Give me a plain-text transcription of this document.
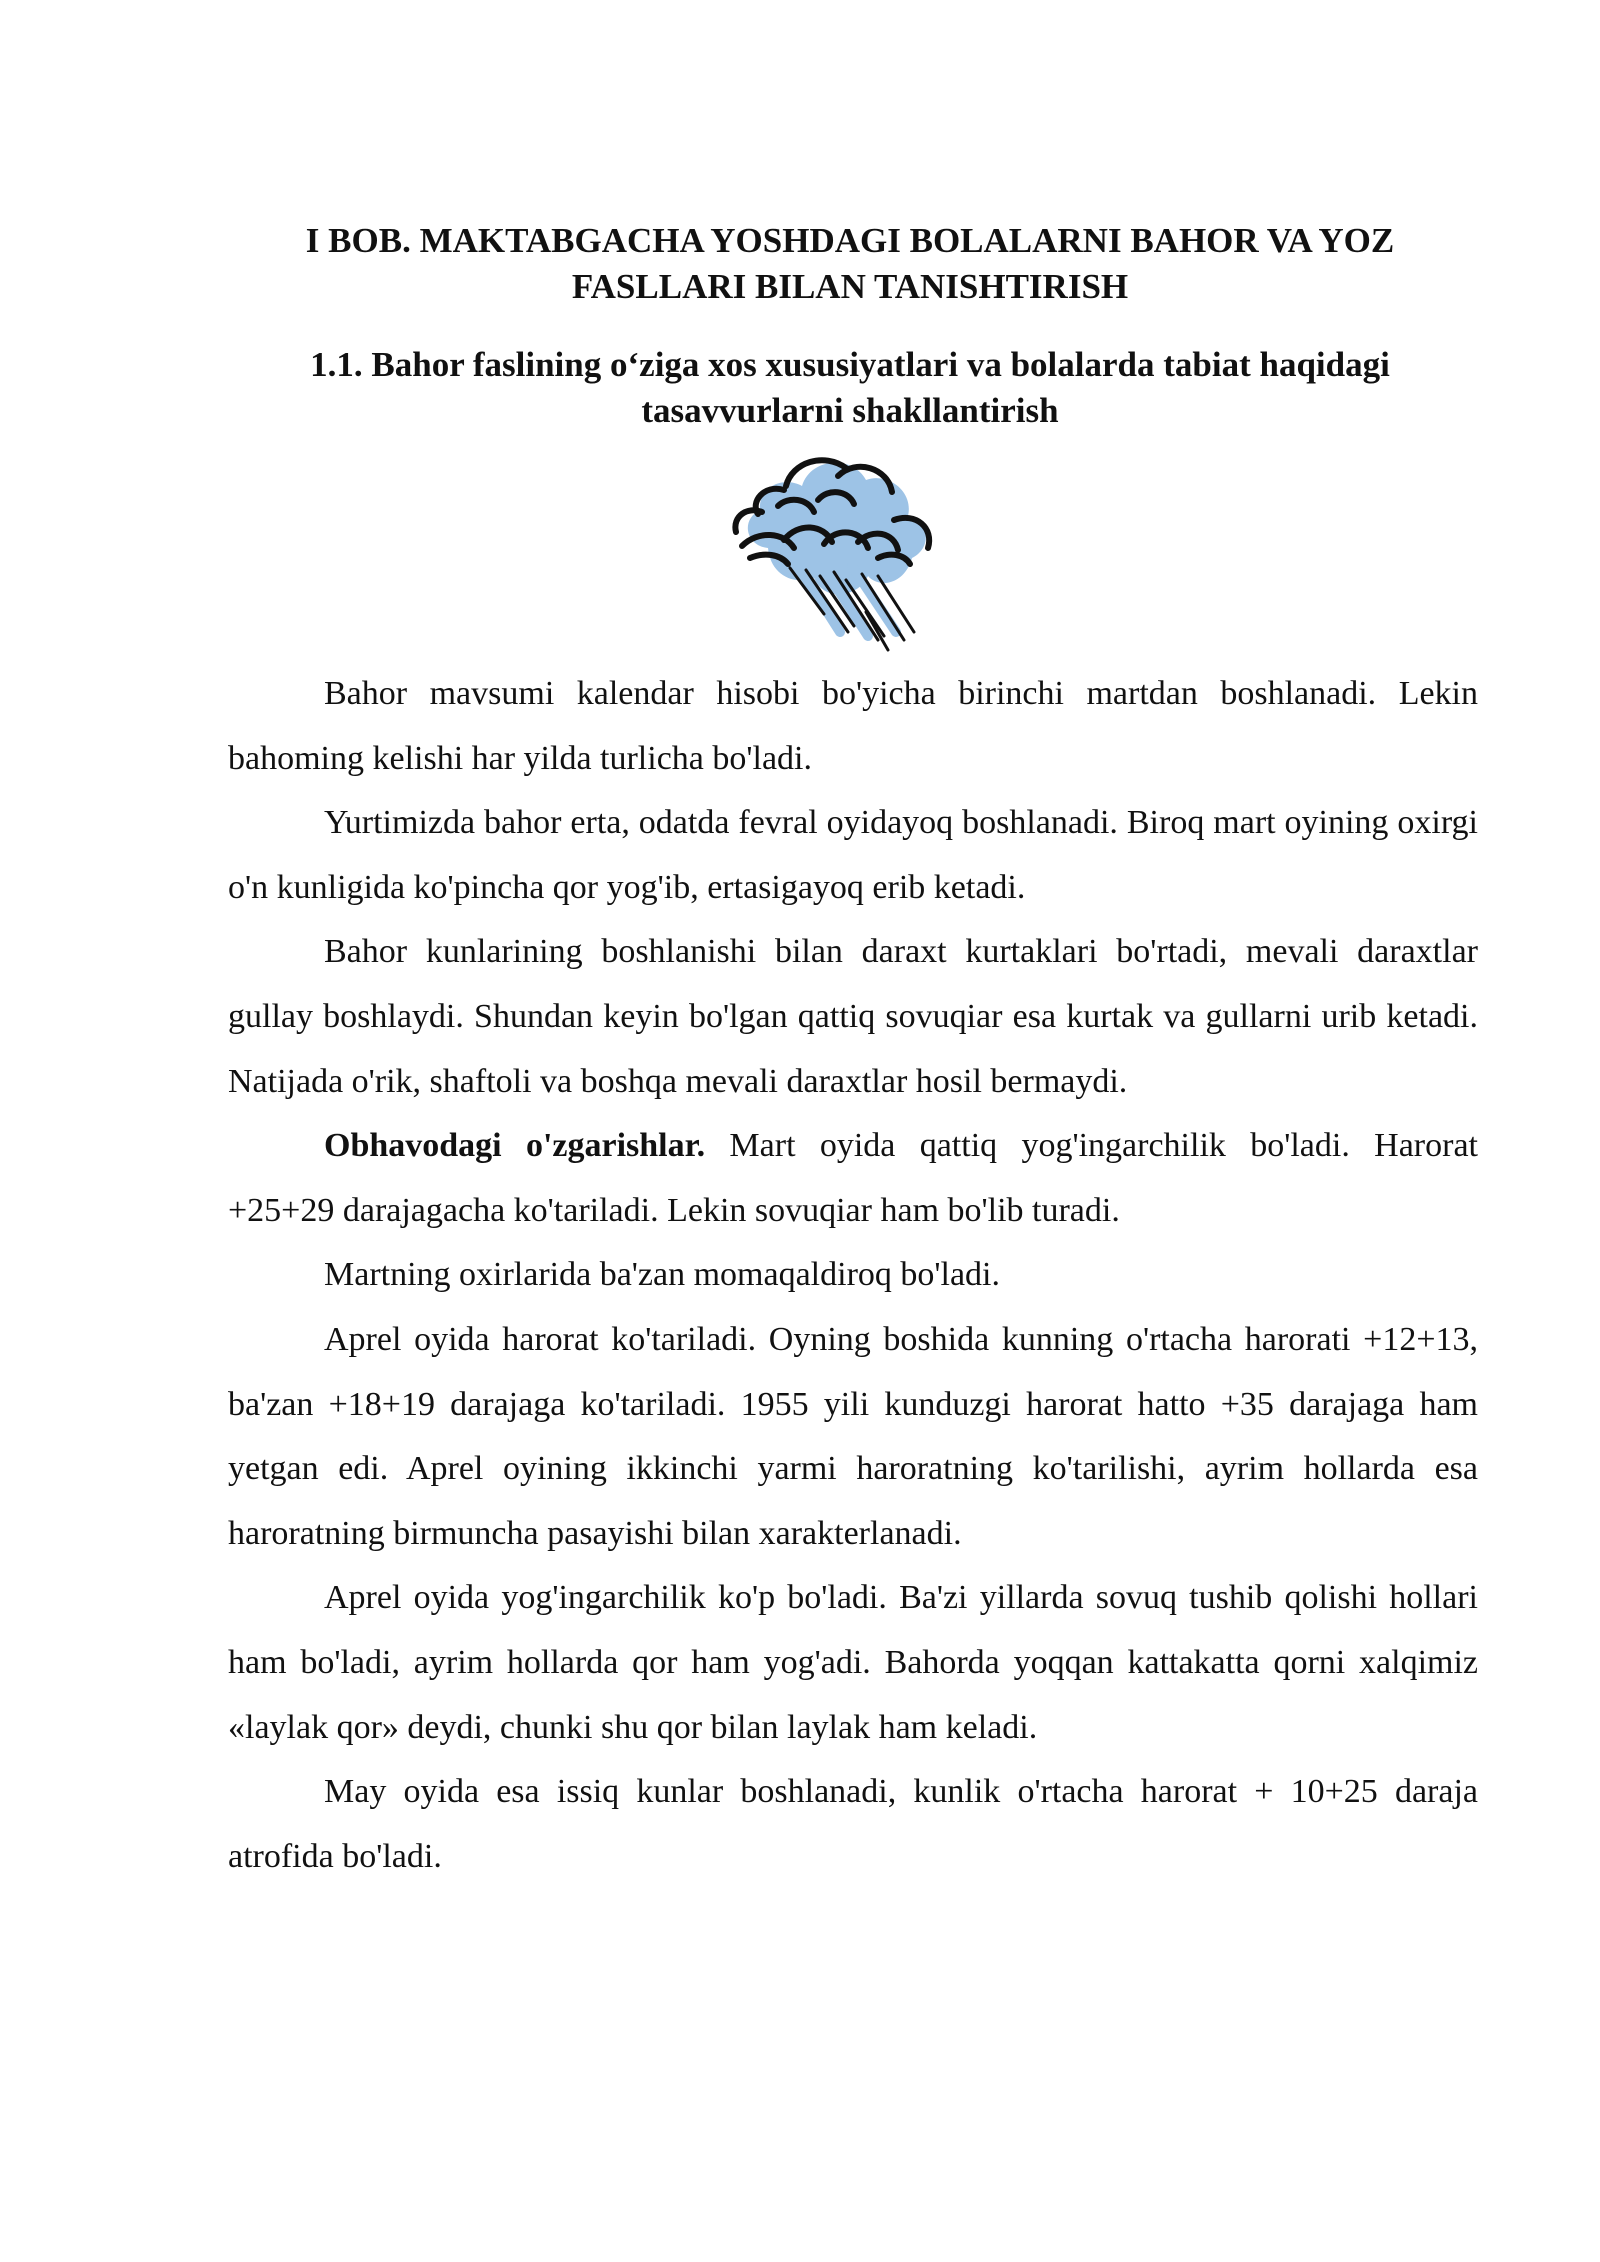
I BOB. MAKTABGACHA YOSHDAGI BOLALARNI BAHOR VA YOZ
FASLLARI BILAN TANISHTIRISH
1.1. Bahor faslining o‘ziga xos xususiyatlari va bolalarda tabiat haqidagi
tasavvurlarni shakllantirish

Bahor mavsumi kalendar hisobi bo'yicha birinchi martdan boshlanadi. Lekin bahoming kelishi har yilda turlicha bo'ladi.

Yurtimizda bahor erta, odatda fevral oyidayoq boshlanadi. Biroq mart oyining oxirgi o'n kunligida ko'pincha qor yog'ib, ertasigayoq erib ketadi.

Bahor kunlarining boshlanishi bilan daraxt kurtaklari bo'rtadi, mevali daraxtlar gullay boshlaydi. Shundan keyin bo'lgan qattiq sovuqiar esa kurtak va gullarni urib ketadi. Natijada o'rik, shaftoli va boshqa mevali daraxtlar hosil bermaydi.

Obhavodagi o'zgarishlar. Mart oyida qattiq yog'ingarchilik bo'ladi. Harorat +25+29 darajagacha ko'tariladi. Lekin sovuqiar ham bo'lib turadi.

Martning oxirlarida ba'zan momaqaldiroq bo'ladi.

Aprel oyida harorat ko'tariladi. Oyning boshida kunning o'rtacha harorati +12+13, ba'zan +18+19 darajaga ko'tariladi. 1955 yili kunduzgi harorat hatto +35 darajaga ham yetgan edi. Aprel oyining ikkinchi yarmi haroratning ko'tarilishi, ayrim hollarda esa haroratning birmuncha pasayishi bilan xarakterlanadi.

Aprel oyida yog'ingarchilik ko'p bo'ladi. Ba'zi yillarda sovuq tushib qolishi hollari ham bo'ladi, ayrim hollarda qor ham yog'adi. Bahorda yoqqan kattakatta qorni xalqimiz «laylak qor» deydi, chunki shu qor bilan laylak ham keladi.

May oyida esa issiq kunlar boshlanadi, kunlik o'rtacha harorat + 10+25 daraja atrofida bo'ladi.
